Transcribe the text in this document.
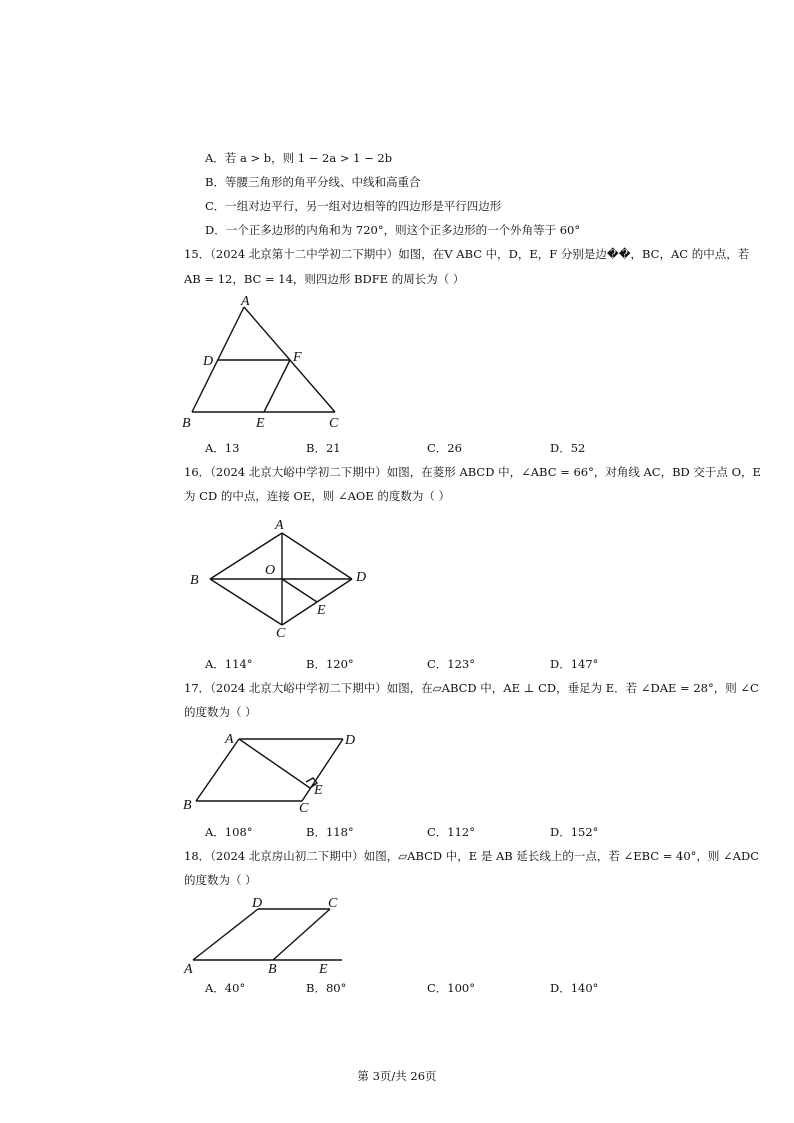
A．若 a > b，则 1 − 2a > 1 − 2b
B．等腰三角形的角平分线、中线和高重合
C．一组对边平行，另一组对边相等的四边形是平行四边形
D．一个正多边形的内角和为 720°，则这个正多边形的一个外角等于 60°
15．（2024 北京第十二中学初二下期中）如图，在V ABC 中，D，E，F 分别是边��，BC，AC 的中点，若
AB = 12，BC = 14，则四边形 BDFE 的周长为（ ）
A
D	F
B	E	C
A．13	B．21	C．26	D．52
16．（2024 北京大峪中学初二下期中）如图，在菱形 ABCD 中，∠ABC = 66°，对角线 AC，BD 交于点 O，E
为 CD 的中点，连接 OE，则 ∠AOE 的度数为（ ）
A
B
O	D
E
C
A．114°	B．120°	C．123°	D．147°
17．（2024 北京大峪中学初二下期中）如图，在▱ABCD 中，AE ⊥ CD，垂足为 E．若 ∠DAE = 28°，则 ∠C
的度数为（ ）
A	D
E
B	C
A．108°	B．118°	C．112°	D．152°
18．（2024 北京房山初二下期中）如图，▱ABCD 中，E 是 AB 延长线上的一点，若 ∠EBC = 40°，则 ∠ADC
的度数为（ ）
D	C
A	B	E
A．40°	B．80°	C．100°	D．140°
第 3页/共 26页
